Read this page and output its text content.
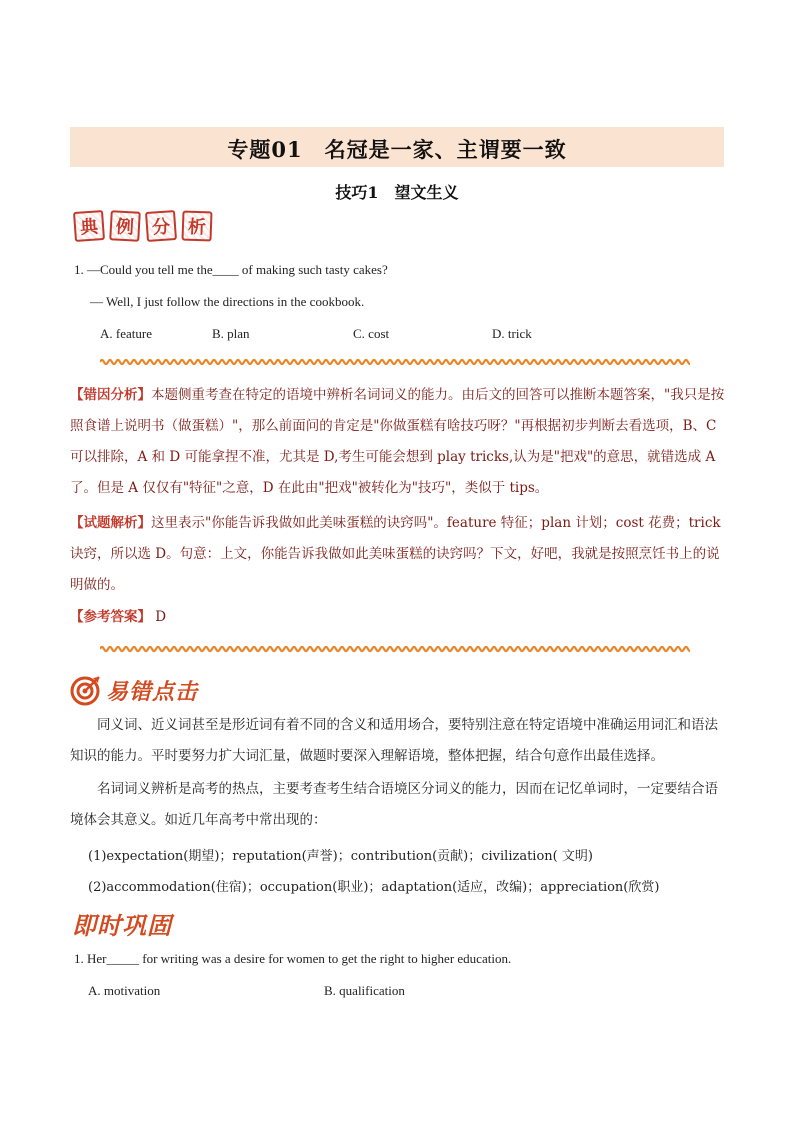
专题01　名冠是一家、主谓要一致
技巧1　望文生义
典 例 分 析
1. —Could you tell me the____ of making such tasty cakes?
— Well, I just follow the directions in the cookbook.
A. feature	B. plan	C. cost	D. trick
【错因分析】本题侧重考查在特定的语境中辨析名词词义的能力。由后文的回答可以推断本题答案，"我只是按照食谱上说明书（做蛋糕）"，那么前面问的肯定是"你做蛋糕有啥技巧呀？"再根据初步判断去看选项，B、C 可以排除，A 和 D 可能拿捏不准，尤其是 D,考生可能会想到 play tricks,认为是"把戏"的意思，就错选成 A 了。但是 A 仅仅有"特征"之意，D 在此由"把戏"被转化为"技巧"，类似于 tips。
【试题解析】这里表示"你能告诉我做如此美味蛋糕的诀窍吗"。feature 特征；plan 计划；cost 花费；trick 诀窍，所以选 D。句意：上文，你能告诉我做如此美味蛋糕的诀窍吗？下文，好吧，我就是按照烹饪书上的说明做的。
【参考答案】 D
易错点击
同义词、近义词甚至是形近词有着不同的含义和适用场合，要特别注意在特定语境中准确运用词汇和语法知识的能力。平时要努力扩大词汇量，做题时要深入理解语境，整体把握，结合句意作出最佳选择。
名词词义辨析是高考的热点，主要考查考生结合语境区分词义的能力，因而在记忆单词时，一定要结合语境体会其意义。如近几年高考中常出现的：
(1)expectation(期望)；reputation(声誉)；contribution(贡献)；civilization( 文明)
(2)accommodation(住宿)；occupation(职业)；adaptation(适应，改编)；appreciation(欣赏)
即时巩固
1. Her_____ for writing was a desire for women to get the right to higher education.
A. motivation	B. qualification
